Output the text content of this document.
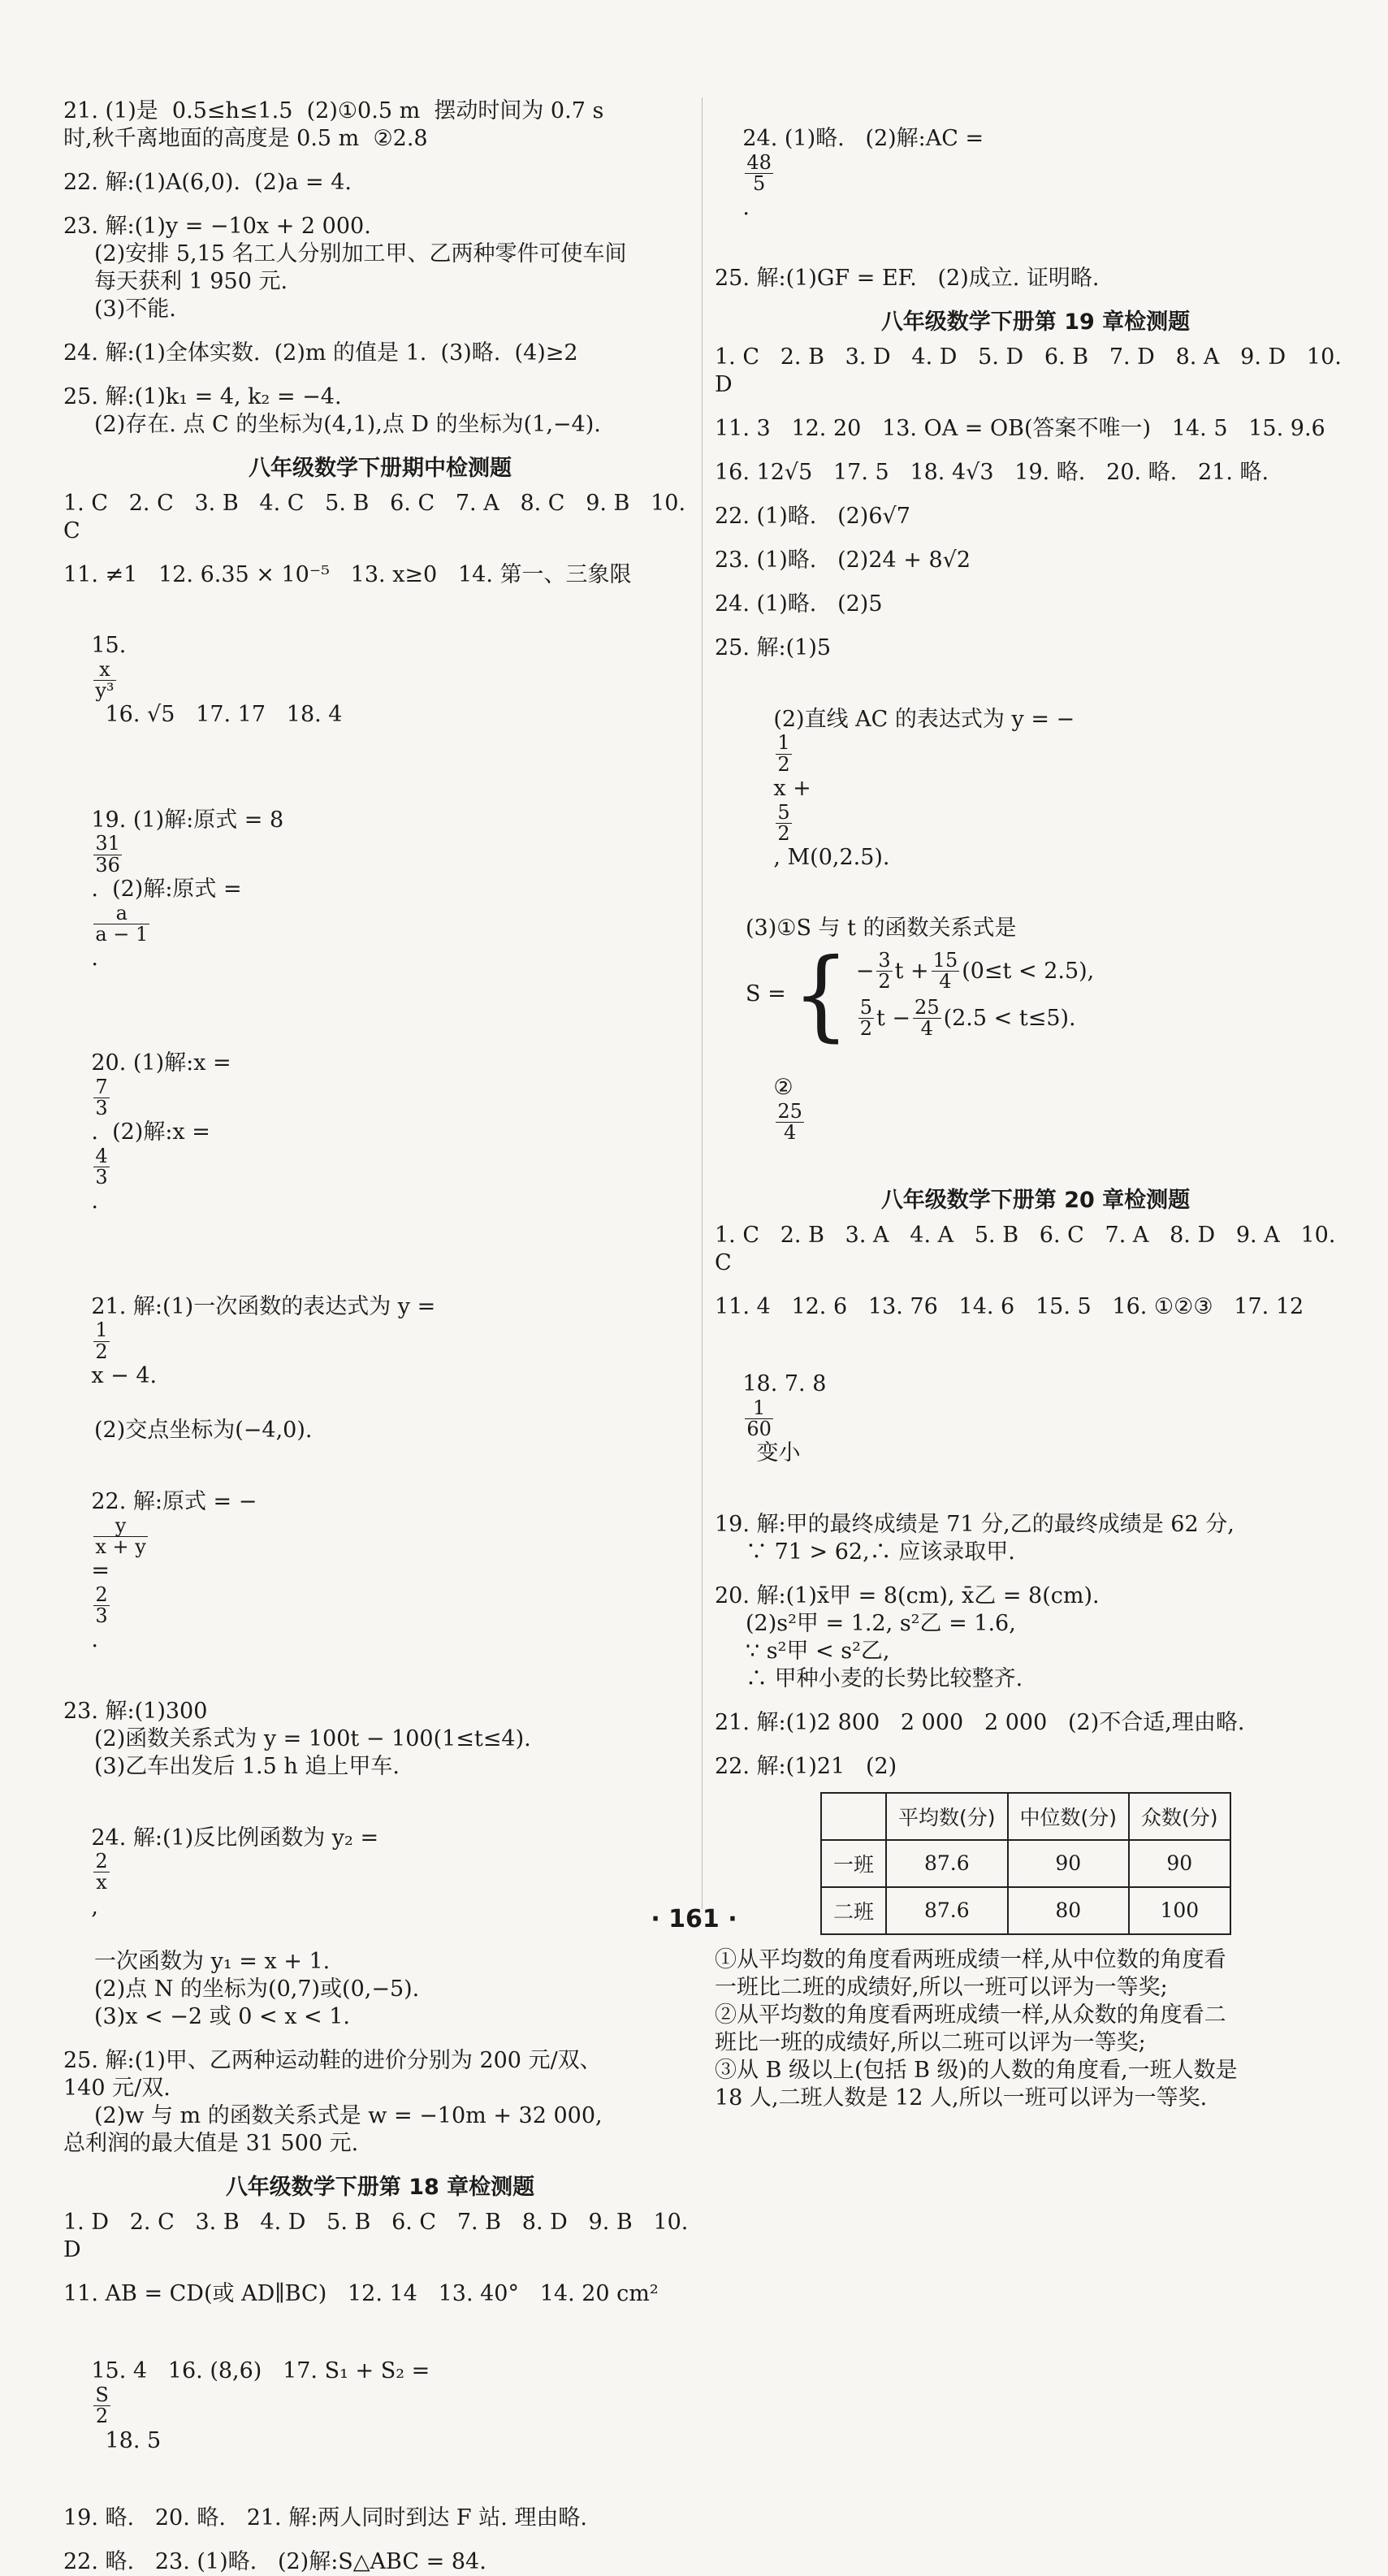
21. (1)是  0.5≤h≤1.5  (2)①0.5 m  摆动时间为 0.7 s

时,秋千离地面的高度是 0.5 m  ②2.8

22. 解:(1)A(6,0).  (2)a = 4.

23. 解:(1)y = −10x + 2 000.

(2)安排 5,15 名工人分别加工甲、乙两种零件可使车间

每天获利 1 950 元.

(3)不能.

24. 解:(1)全体实数.  (2)m 的值是 1.  (3)略.  (4)≥2

25. 解:(1)k₁ = 4, k₂ = −4.

(2)存在. 点 C 的坐标为(4,1),点 D 的坐标为(1,−4).

八年级数学下册期中检测题

1. C   2. C   3. B   4. C   5. B   6. C   7. A   8. C   9. B   10. C

11. ≠1   12. 6.35 × 10⁻⁵   13. x≥0   14. 第一、三象限

15.

$\frac{x}{\text{y³}}$

16. √5   17. 17   18. 4

19. (1)解:原式 = 8

$\frac{31}{36}$

.  (2)解:原式 =

$\frac{a}{a - 1}$

.

20. (1)解:x =

$\frac{7}{3}$

.  (2)解:x =

$\frac{4}{3}$

.

21. 解:(1)一次函数的表达式为 y =

$\frac{1}{2}$

x − 4.

(2)交点坐标为(−4,0).

22. 解:原式 = −

$\frac{y}{x + y}$

=

$\frac{2}{3}$

.

23. 解:(1)300

(2)函数关系式为 y = 100t − 100(1≤t≤4).

(3)乙车出发后 1.5 h 追上甲车.

24. 解:(1)反比例函数为 y₂ =

$\frac{2}{x}$

,

一次函数为 y₁ = x + 1.

(2)点 N 的坐标为(0,7)或(0,−5).

(3)x < −2 或 0 < x < 1.

25. 解:(1)甲、乙两种运动鞋的进价分别为 200 元/双、

140 元/双.

(2)w 与 m 的函数关系式是 w = −10m + 32 000,

总利润的最大值是 31 500 元.

八年级数学下册第 18 章检测题

1. D   2. C   3. B   4. D   5. B   6. C   7. B   8. D   9. B   10. D

11. AB = CD(或 AD∥BC)   12. 14   13. 40°   14. 20 cm²

15. 4   16. (8,6)   17. S₁ + S₂ =

$\frac{S}{2}$

18. 5

19. 略.   20. 略.   21. 解:两人同时到达 F 站. 理由略.

22. 略.   23. (1)略.   (2)解:S△ABC = 84.

24. (1)略.   (2)解:AC =

$\frac{48}{5}$

.

25. 解:(1)GF = EF.   (2)成立. 证明略.

八年级数学下册第 19 章检测题

1. C   2. B   3. D   4. D   5. D   6. B   7. D   8. A   9. D   10. D

11. 3   12. 20   13. OA = OB(答案不唯一)   14. 5   15. 9.6

16. 12√5   17. 5   18. 4√3   19. 略.   20. 略.   21. 略.

22. (1)略.   (2)6√7

23. (1)略.   (2)24 + 8√2

24. (1)略.   (2)5

25. 解:(1)5

(2)直线 AC 的表达式为 y = −

$\frac{1}{2}$

x +

$\frac{5}{2}$

, M(0,2.5).

(3)①S 与 t 的函数关系式是

S = { − $\frac{3}{2}$ $t + \frac{15}{4} (0\le t < 2.5)$,

$\frac{5}{2}$ $t - \frac{25}{4} (2.5 < t\le 5)$.

②

$\frac{25}{4}$

八年级数学下册第 20 章检测题

1. C   2. B   3. A   4. A   5. B   6. C   7. A   8. D   9. A   10. C

11. 4   12. 6   13. 76   14. 6   15. 5   16. ①②③   17. 12

18. 7. 8

$\frac{1}{60}$

变小

19. 解:甲的最终成绩是 71 分,乙的最终成绩是 62 分,

∵ 71 > 62,∴ 应该录取甲.

20. 解:(1)x̄甲 = 8(cm), x̄乙 = 8(cm).

(2)s²甲 = 1.2, s²乙 = 1.6,

∵ s²甲 < s²乙,

∴ 甲种小麦的长势比较整齐.

21. 解:(1)2 800   2 000   2 000   (2)不合适,理由略.

22. 解:(1)21   (2)

	平均数(分)	中位数(分)	众数(分)
一班	87.6	90	90
二班	87.6	80	100

①从平均数的角度看两班成绩一样,从中位数的角度看

一班比二班的成绩好,所以一班可以评为一等奖;

②从平均数的角度看两班成绩一样,从众数的角度看二

班比一班的成绩好,所以二班可以评为一等奖;

③从 B 级以上(包括 B 级)的人数的角度看,一班人数是

18 人,二班人数是 12 人,所以一班可以评为一等奖.

· 161 ·
